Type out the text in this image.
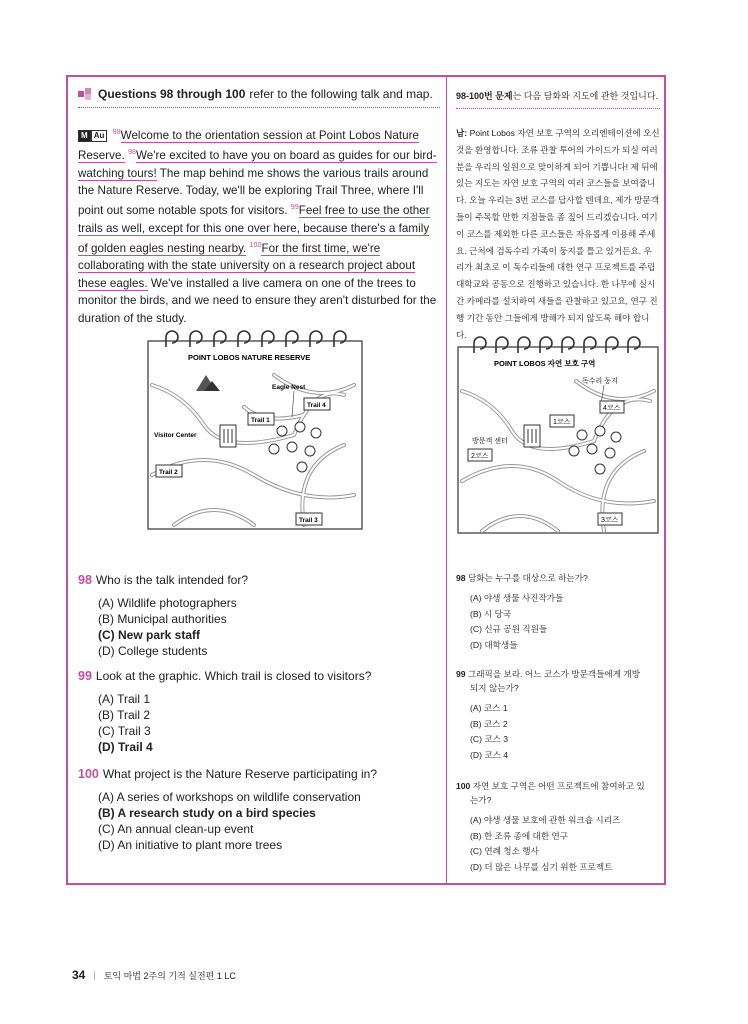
Questions 98 through 100 refer to the following talk and map.
M Au	$^{98}$Welcome to the orientation session at Point Lobos Nature Reserve. $^{98}$We're excited to have you on board as guides for our bird-watching tours! The map behind me shows the various trails around the Nature Reserve. Today, we'll be exploring Trail Three, where I'll point out some notable spots for visitors. $^{99}$Feel free to use the other trails as well, except for this one over here, because there's a family of golden eagles nesting nearby. $^{100}$For the first time, we're collaborating with the state university on a research project about these eagles. We've installed a live camera on one of the trees to monitor the birds, and we need to ensure they aren't disturbed for the duration of the study.
POINT LOBOS NATURE RESERVE
Eagle Nest
Visitor Center
Trail 1
Trail 4
Trail 2
Trail 3
98 Who is the talk intended for?
(A) Wildlife photographers
(B) Municipal authorities
(C) New park staff
(D) College students
99 Look at the graphic. Which trail is closed to visitors?
(A) Trail 1
(B) Trail 2
(C) Trail 3
(D) Trail 4
100 What project is the Nature Reserve participating in?
(A) A series of workshops on wildlife conservation
(B) A research study on a bird species
(C) An annual clean-up event
(D) An initiative to plant more trees
98-100번 문제는 다음 담화와 지도에 관한 것입니다.
남: Point Lobos 자연 보호 구역의 오리엔테이션에 오신 것을 환영합니다. 조류 관찰 투어의 가이드가 되실 여러분을 우리의 일원으로 맞이하게 되어 기쁩니다! 제 뒤에 있는 지도는 자연 보호 구역의 여러 코스들을 보여줍니다. 오늘 우리는 3번 코스를 답사할 텐데요, 제가 방문객들이 주목할 만한 지점들을 좀 짚어 드리겠습니다. 여기 이 코스를 제외한 다른 코스들은 자유롭게 이용해 주세요. 근처에 검독수리 가족이 둥지를 틀고 있거든요. 우리가 최초로 이 독수리들에 대한 연구 프로젝트를 주립 대학교와 공동으로 진행하고 있습니다. 한 나무에 실시간 카메라를 설치하여 새들을 관찰하고 있고요, 연구 진행 기간 동안 그들에게 방해가 되지 않도록 해야 합니다.
POINT LOBOS 자연 보호 구역
독수리 둥지
방문객 센터
1코스
4코스
2코스
3코스
98 담화는 누구를 대상으로 하는가?
(A) 야생 생물 사진작가들
(B) 시 당국
(C) 신규 공원 직원들
(D) 대학생들
99 그래픽을 보라. 어느 코스가 방문객들에게 개방
되지 않는가?
(A) 코스 1
(B) 코스 2
(C) 코스 3
(D) 코스 4
100 자연 보호 구역은 어떤 프로젝트에 참여하고 있
는가?
(A) 야생 생물 보호에 관한 워크숍 시리즈
(B) 한 조류 종에 대한 연구
(C) 연례 청소 행사
(D) 더 많은 나무를 심기 위한 프로젝트
34 | 토익 마법 2주의 기적 실전편 1 LC
